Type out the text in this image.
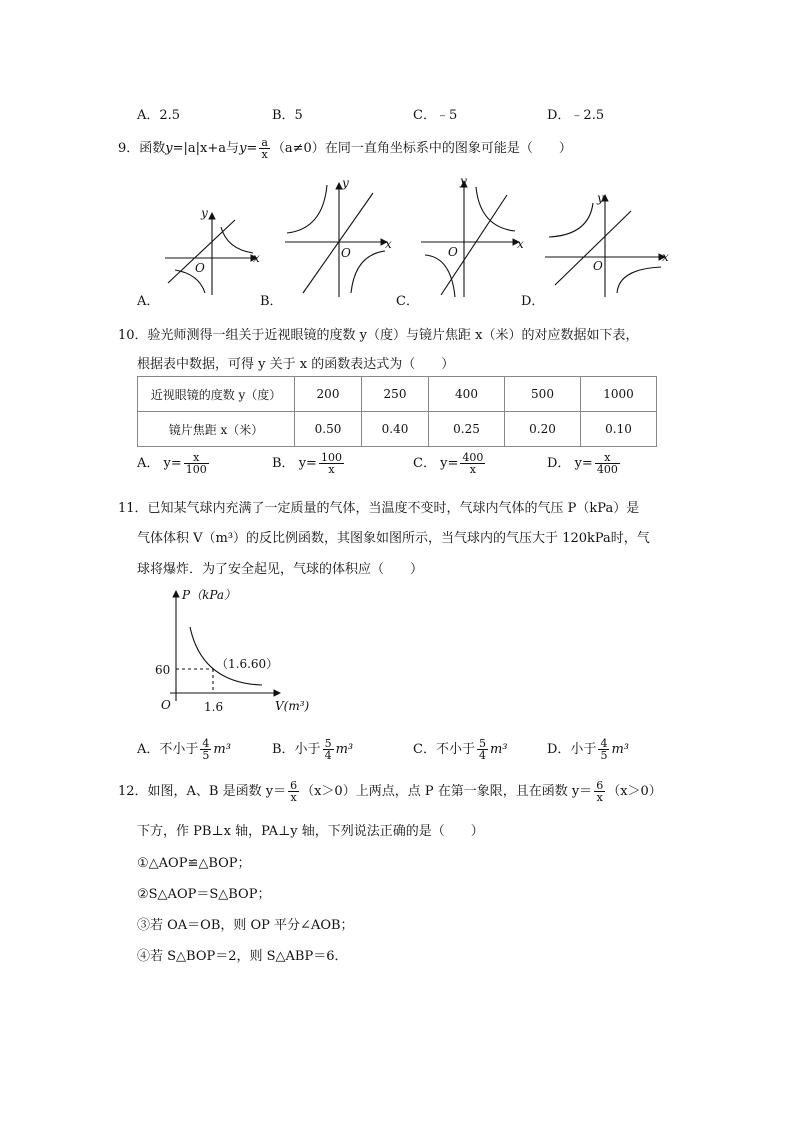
A．2.5	B．5	C．﹣5	D．﹣2.5
9．函数y=|a|x+a与$y= \frac{a}{x} (a\ne 0)$在同一直角坐标系中的图象可能是（　　）
y
x
O
y
x
O
y
x
O
y
x
O
A．	B．	C．	D．
10．验光师测得一组关于近视眼镜的度数 y（度）与镜片焦距 x（米）的对应数据如下表，
根据表中数据，可得 y 关于 x 的函数表达式为（　　）
近视眼镜的度数 y（度）	200	250	400	500	1000
镜片焦距 x（米）	0.50	0.40	0.25	0.20	0.10
A． $y= \frac{x}{100}$	B． $y= \frac{100}{x}$	C． $y= \frac{400}{x}$	D． $y= \frac{x}{400}$
11．已知某气球内充满了一定质量的气体，当温度不变时，气球内气体的气压 P（kPa）是
气体体积 V（m³）的反比例函数，其图象如图所示，当气球内的气压大于 120kPa时，气
球将爆炸．为了安全起见，气球的体积应（　　）
P（kPa）
V(m³)
O
60
1.6
（1.6.60）
A．不小于 $\frac{4}{5} m^3$	B．小于 $\frac{5}{4} m^3$	C．不小于 $\frac{5}{4} m^3$	D．小于 $\frac{4}{5} m^3$
12．如图，A、B 是函数 $y= \frac{6}{x} (x>0)$上两点，点 P 在第一象限，且在函数 $y= \frac{6}{x} (x>0)$
下方，作 PB⊥x 轴，PA⊥y 轴，下列说法正确的是（　　）
①△AOP≌△BOP；
②S△AOP＝S△BOP；
③若 OA＝OB，则 OP 平分∠AOB；
④若 S△BOP＝2，则 S△ABP＝6．
